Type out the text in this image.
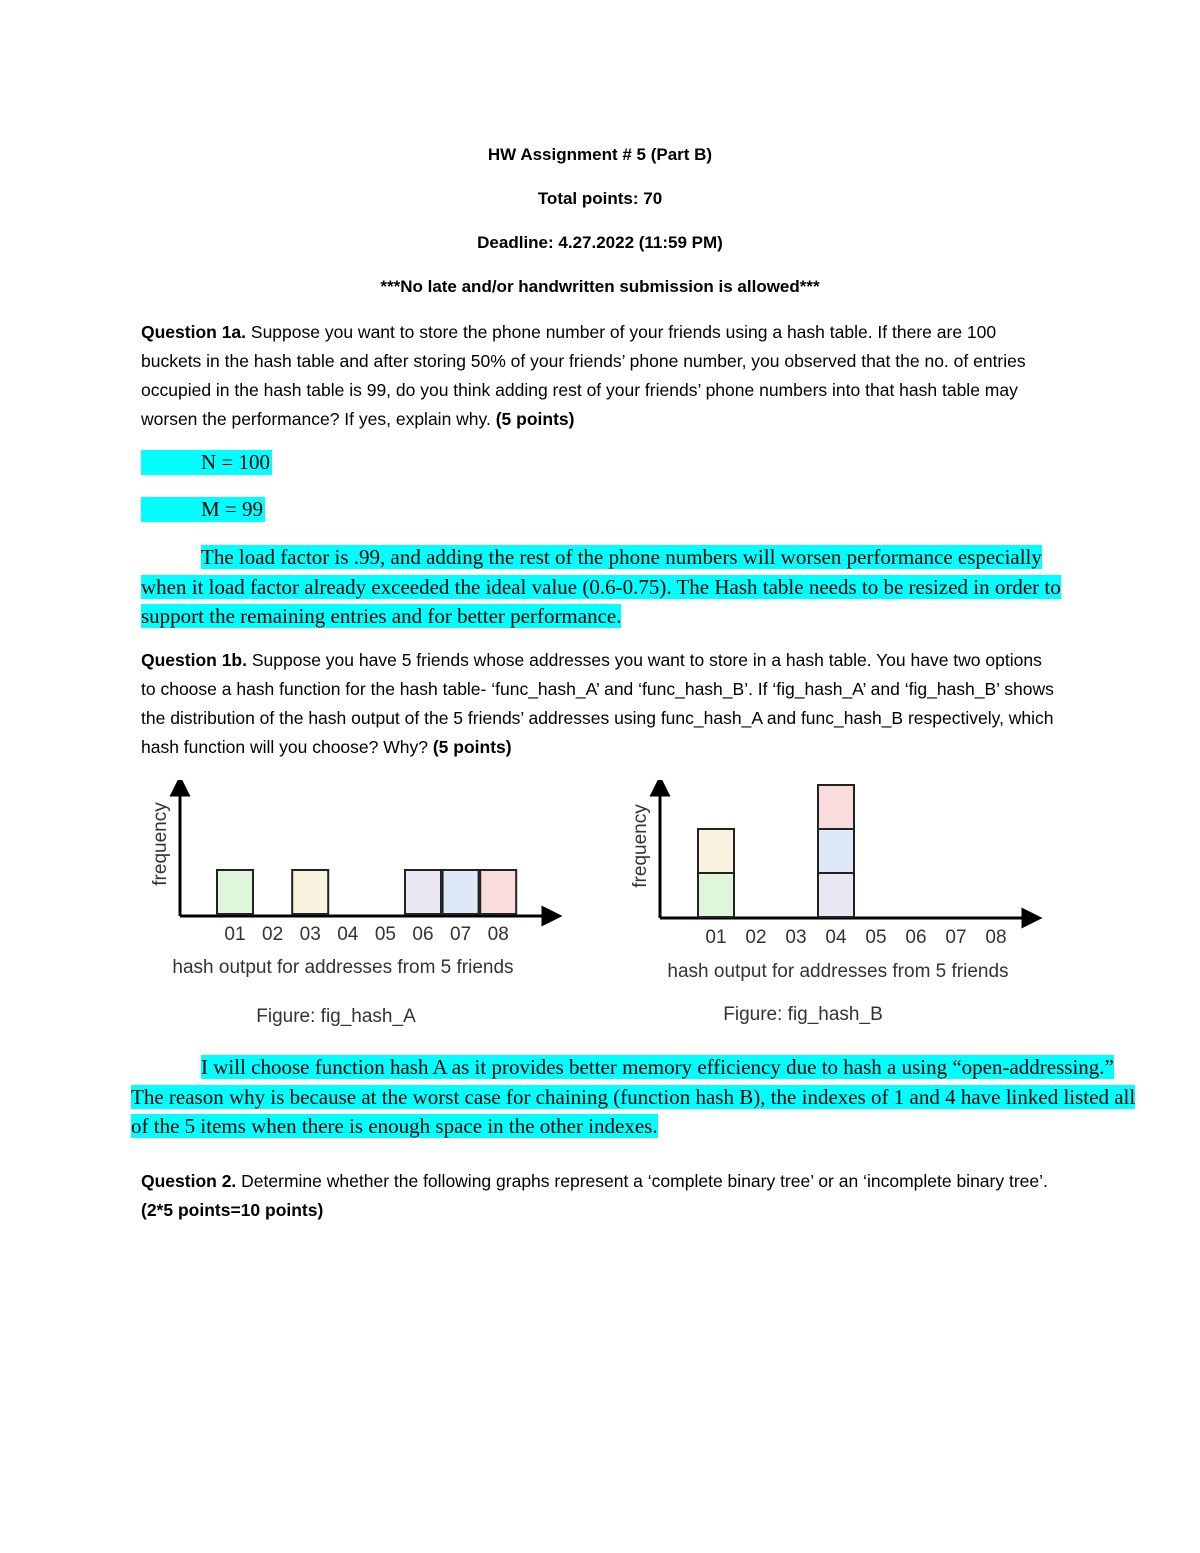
HW Assignment # 5 (Part B)
Total points: 70
Deadline: 4.27.2022 (11:59 PM)
***No late and/or handwritten submission is allowed***
Question 1a. Suppose you want to store the phone number of your friends using a hash table. If there are 100 buckets in the hash table and after storing 50% of your friends’ phone number, you observed that the no. of entries occupied in the hash table is 99, do you think adding rest of your friends’ phone numbers into that hash table may worsen the performance? If yes, explain why. (5 points)
N = 100
M = 99
The load factor is .99, and adding the rest of the phone numbers will worsen performance especially when it load factor already exceeded the ideal value (0.6-0.75). The Hash table needs to be resized in order to support the remaining entries and for better performance.
Question 1b. Suppose you have 5 friends whose addresses you want to store in a hash table. You have two options to choose a hash function for the hash table- ‘func_hash_A’ and ‘func_hash_B’. If ‘fig_hash_A’ and ‘fig_hash_B’ shows the distribution of the hash output of the 5 friends’ addresses using func_hash_A and func_hash_B respectively, which hash function will you choose? Why? (5 points)
frequency
01 02 03 04 05 06 07 08
hash output for addresses from 5 friends
Figure: fig_hash_A
frequency
01 02 03 04 05 06 07 08
hash output for addresses from 5 friends
Figure: fig_hash_B
I will choose function hash A as it provides better memory efficiency due to hash a using “open-addressing.” The reason why is because at the worst case for chaining (function hash B), the indexes of 1 and 4 have linked listed all of the 5 items when there is enough space in the other indexes.
Question 2. Determine whether the following graphs represent a ‘complete binary tree’ or an ‘incomplete binary tree’. (2*5 points=10 points)
